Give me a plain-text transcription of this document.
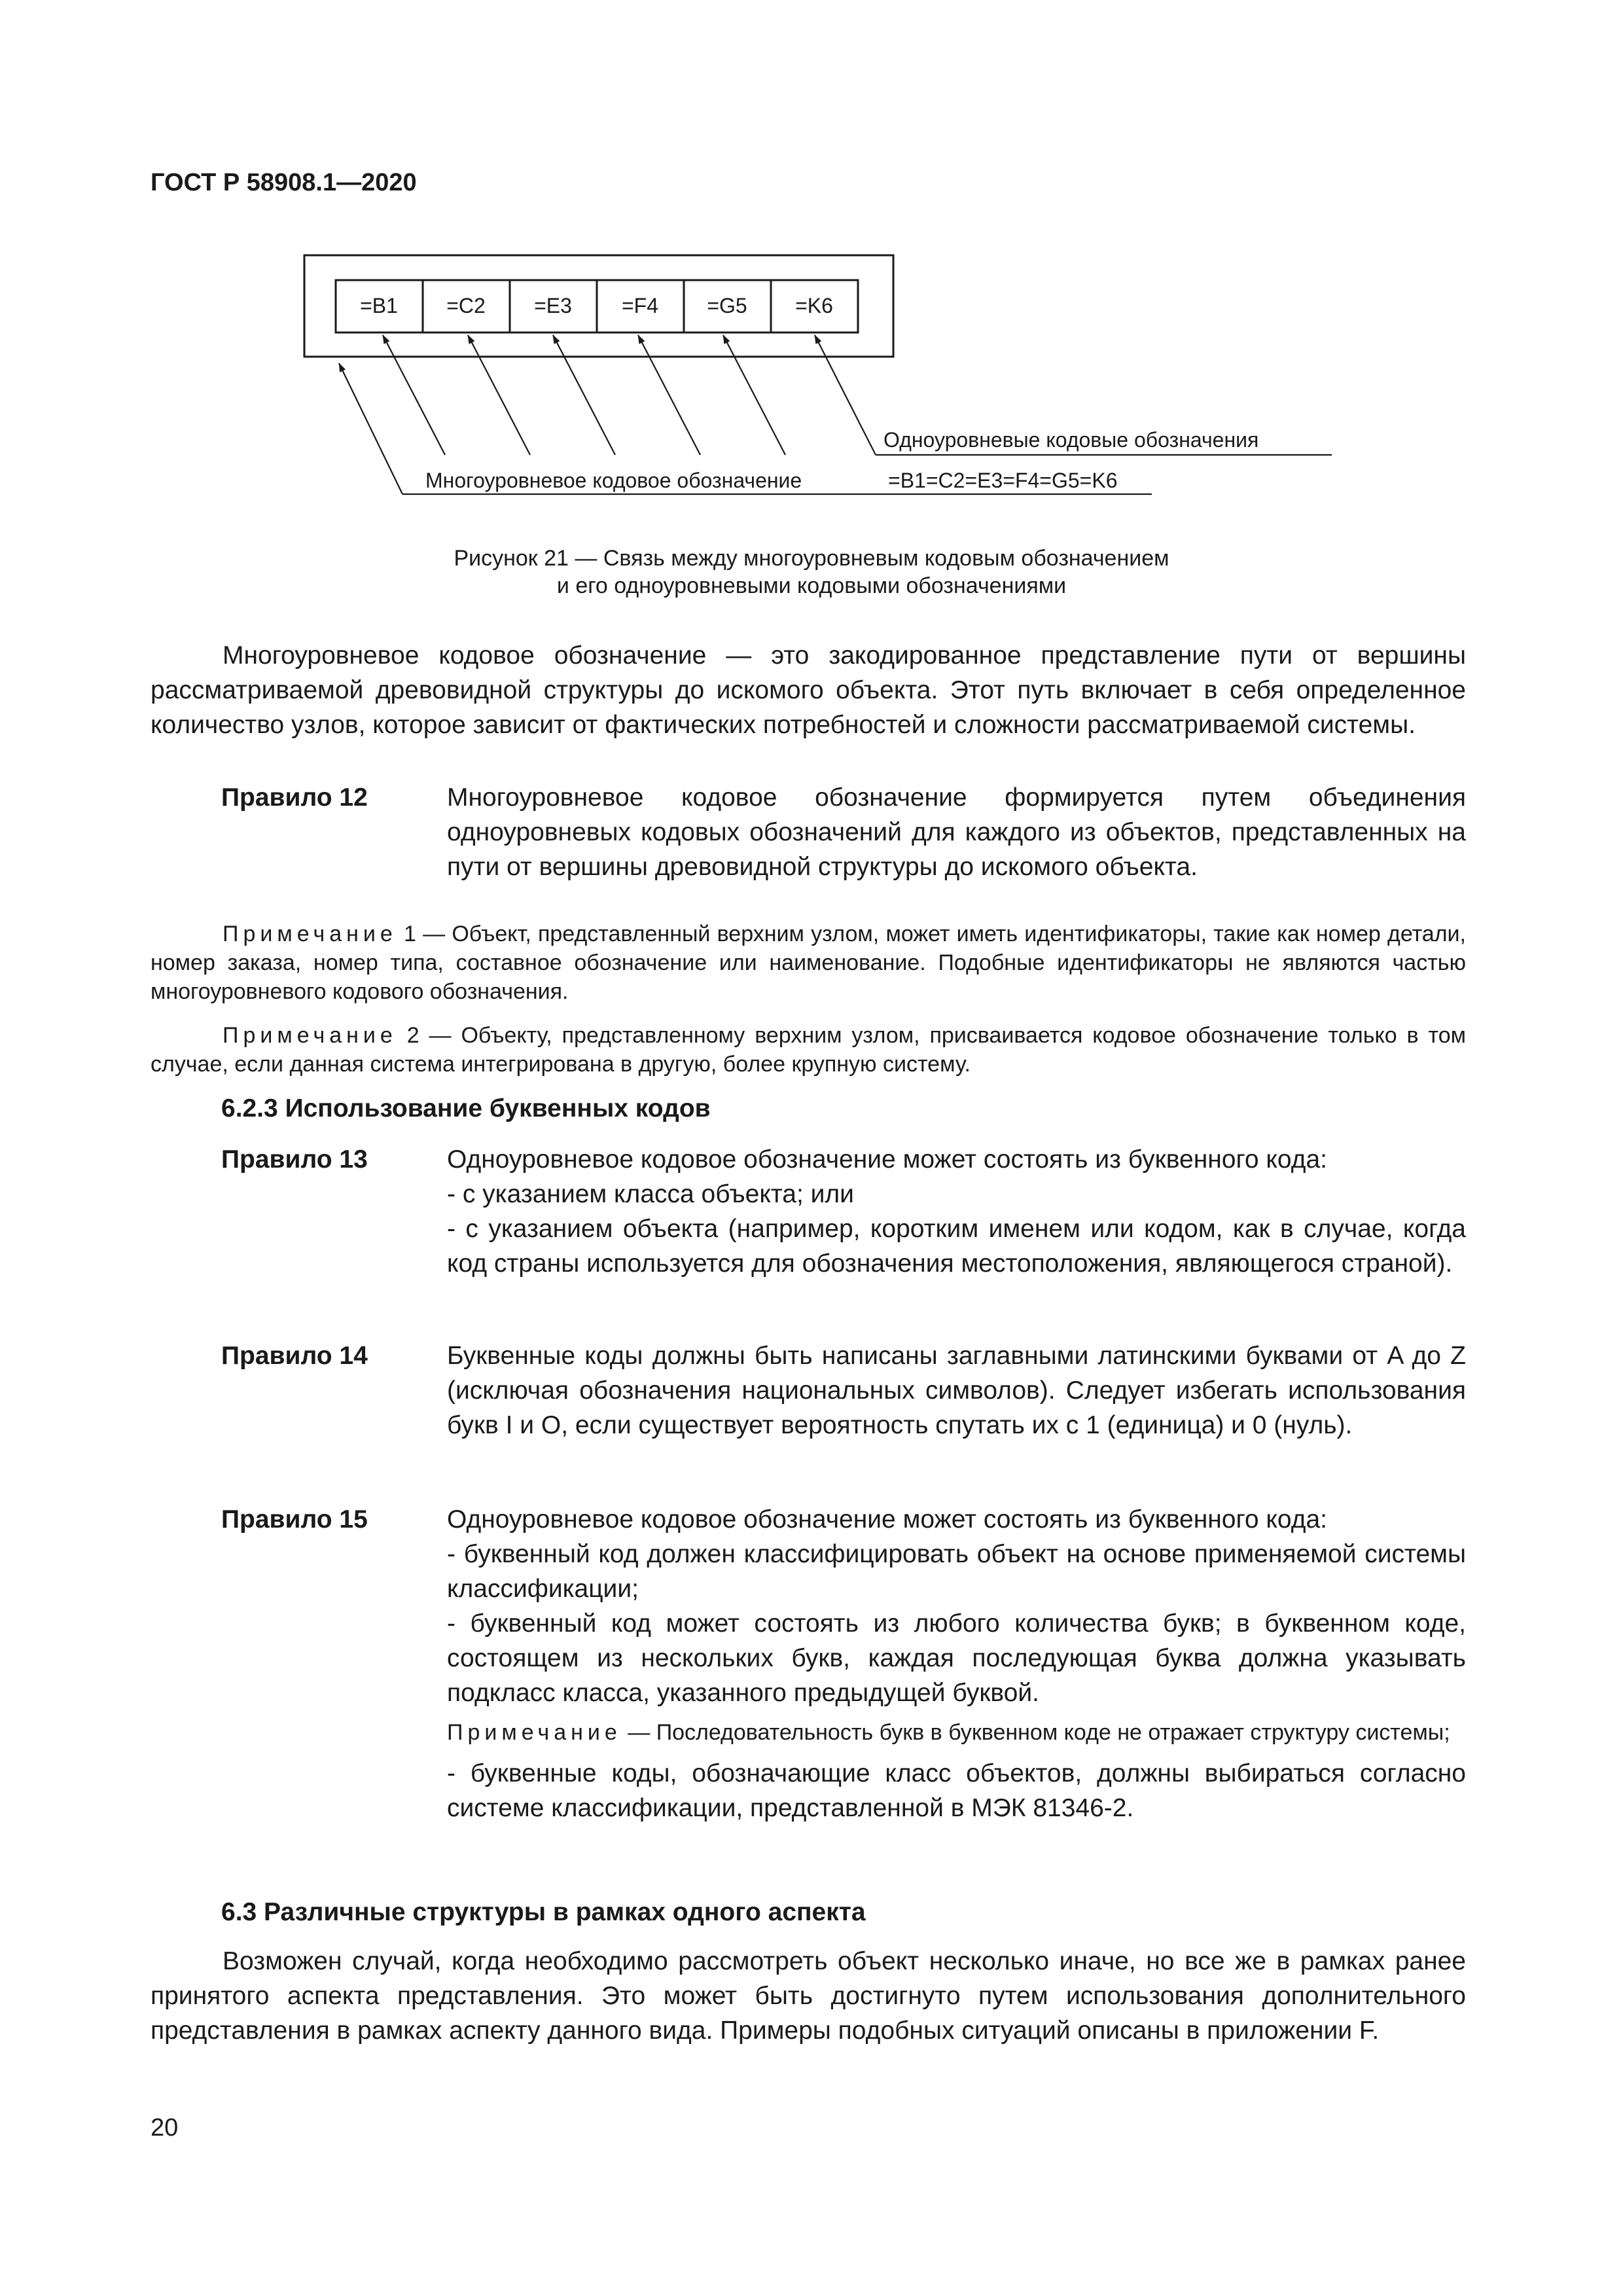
ГОСТ Р 58908.1—2020
=B1 =C2 =E3 =F4 =G5 =K6
Одноуровневые кодовые обозначения
Многоуровневое кодовое обозначение	=B1=C2=E3=F4=G5=K6
Рисунок 21 — Связь между многоуровневым кодовым обозначением
и его одноуровневыми кодовыми обозначениями
Многоуровневое кодовое обозначение — это закодированное представление пути от вершины рассматриваемой древовидной структуры до искомого объекта. Этот путь включает в себя определенное количество узлов, которое зависит от фактических потребностей и сложности рассматриваемой системы.
Правило 12	Многоуровневое кодовое обозначение формируется путем объединения одноуровневых кодовых обозначений для каждого из объектов, представленных на пути от вершины древовидной структуры до искомого объекта.
Примечание 1 — Объект, представленный верхним узлом, может иметь идентификаторы, такие как номер детали, номер заказа, номер типа, составное обозначение или наименование. Подобные идентификаторы не являются частью многоуровневого кодового обозначения.
Примечание 2 — Объекту, представленному верхним узлом, присваивается кодовое обозначение только в том случае, если данная система интегрирована в другую, более крупную систему.
6.2.3 Использование буквенных кодов
Правило 13	Одноуровневое кодовое обозначение может состоять из буквенного кода:
- с указанием класса объекта; или
- с указанием объекта (например, коротким именем или кодом, как в случае, когда код страны используется для обозначения местоположения, являющегося страной).
Правило 14	Буквенные коды должны быть написаны заглавными латинскими буквами от A до Z (исключая обозначения национальных символов). Следует избегать использования букв I и O, если существует вероятность спутать их с 1 (единица) и 0 (нуль).
Правило 15	Одноуровневое кодовое обозначение может состоять из буквенного кода:
- буквенный код должен классифицировать объект на основе применяемой системы классификации;
- буквенный код может состоять из любого количества букв; в буквенном коде, состоящем из нескольких букв, каждая последующая буква должна указывать подкласс класса, указанного предыдущей буквой.
Примечание — Последовательность букв в буквенном коде не отражает структуру системы;
- буквенные коды, обозначающие класс объектов, должны выбираться согласно системе классификации, представленной в МЭК 81346-2.
6.3 Различные структуры в рамках одного аспекта
Возможен случай, когда необходимо рассмотреть объект несколько иначе, но все же в рамках ранее принятого аспекта представления. Это может быть достигнуто путем использования дополнительного представления в рамках аспекту данного вида. Примеры подобных ситуаций описаны в приложении F.
20
